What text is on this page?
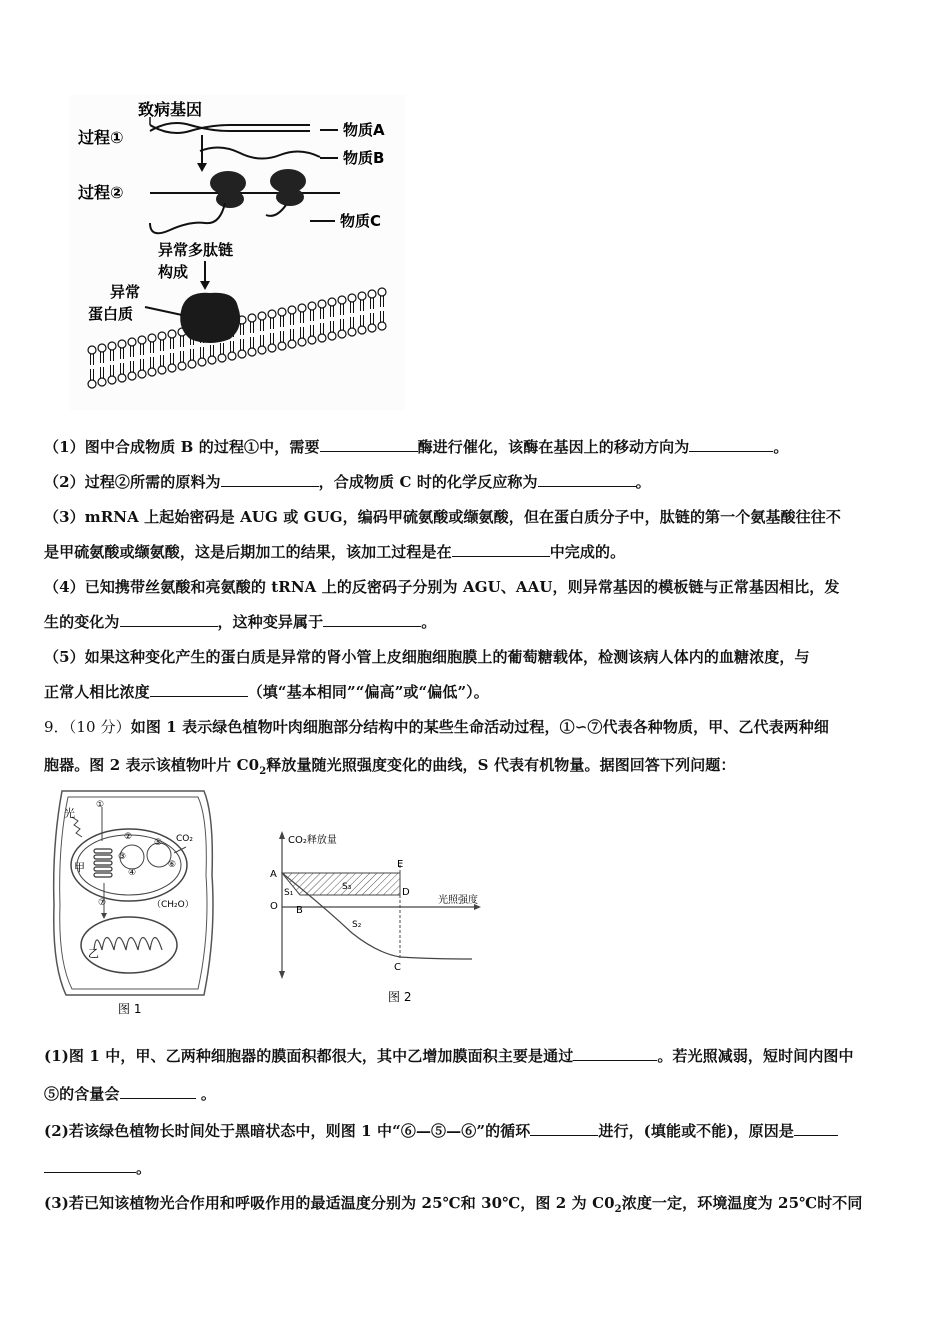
致病基因
过程①
过程②
物质A
物质B
物质C
异常多肽链
构成
异常
蛋白质
（1）图中合成物质 B 的过程①中，需要	酶进行催化，该酶在基因上的移动方向为	。
（2）过程②所需的原料为	，合成物质 C 时的化学反应称为	。
（3）mRNA 上起始密码是 AUG 或 GUG，编码甲硫氨酸或缬氨酸，但在蛋白质分子中，肽链的第一个氨基酸往往不
是甲硫氨酸或缬氨酸，这是后期加工的结果，该加工过程是在	中完成的。
（4）已知携带丝氨酸和亮氨酸的 tRNA 上的反密码子分别为 AGU、AAU，则异常基因的模板链与正常基因相比，发
生的变化为	，这种变异属于	。
（5）如果这种变化产生的蛋白质是异常的肾小管上皮细胞细胞膜上的葡萄糖载体，检测该病人体内的血糖浓度，与
正常人相比浓度	（填“基本相同”“偏高”或“偏低”）。
9．（10 分）如图 1 表示绿色植物叶肉细胞部分结构中的某些生命活动过程，①∽⑦代表各种物质，甲、乙代表两种细
胞器。图 2 表示该植物叶片 $C0_2$释放量随光照强度变化的曲线，S 代表有机物量。据图回答下列问题：
光
甲
乙
CO₂
（CH₂O）
①
②
③
④
⑤
⑥
⑦
图 1
CO₂释放量
光照强度
A
O B
S₁
S₃
S₂
E
D
C
图 2
(1)图 1 中，甲、乙两种细胞器的膜面积都很大，其中乙增加膜面积主要是通过	。若光照减弱，短时间内图中
⑤的含量会	。
(2)若该绿色植物长时间处于黑暗状态中，则图 1 中“⑥—⑤—⑥”的循环	进行，(填能或不能)，原因是
。
(3)若已知该植物光合作用和呼吸作用的最适温度分别为 25℃和 30℃，图 2 为 $C0_2$浓度一定，环境温度为 25℃时不同
